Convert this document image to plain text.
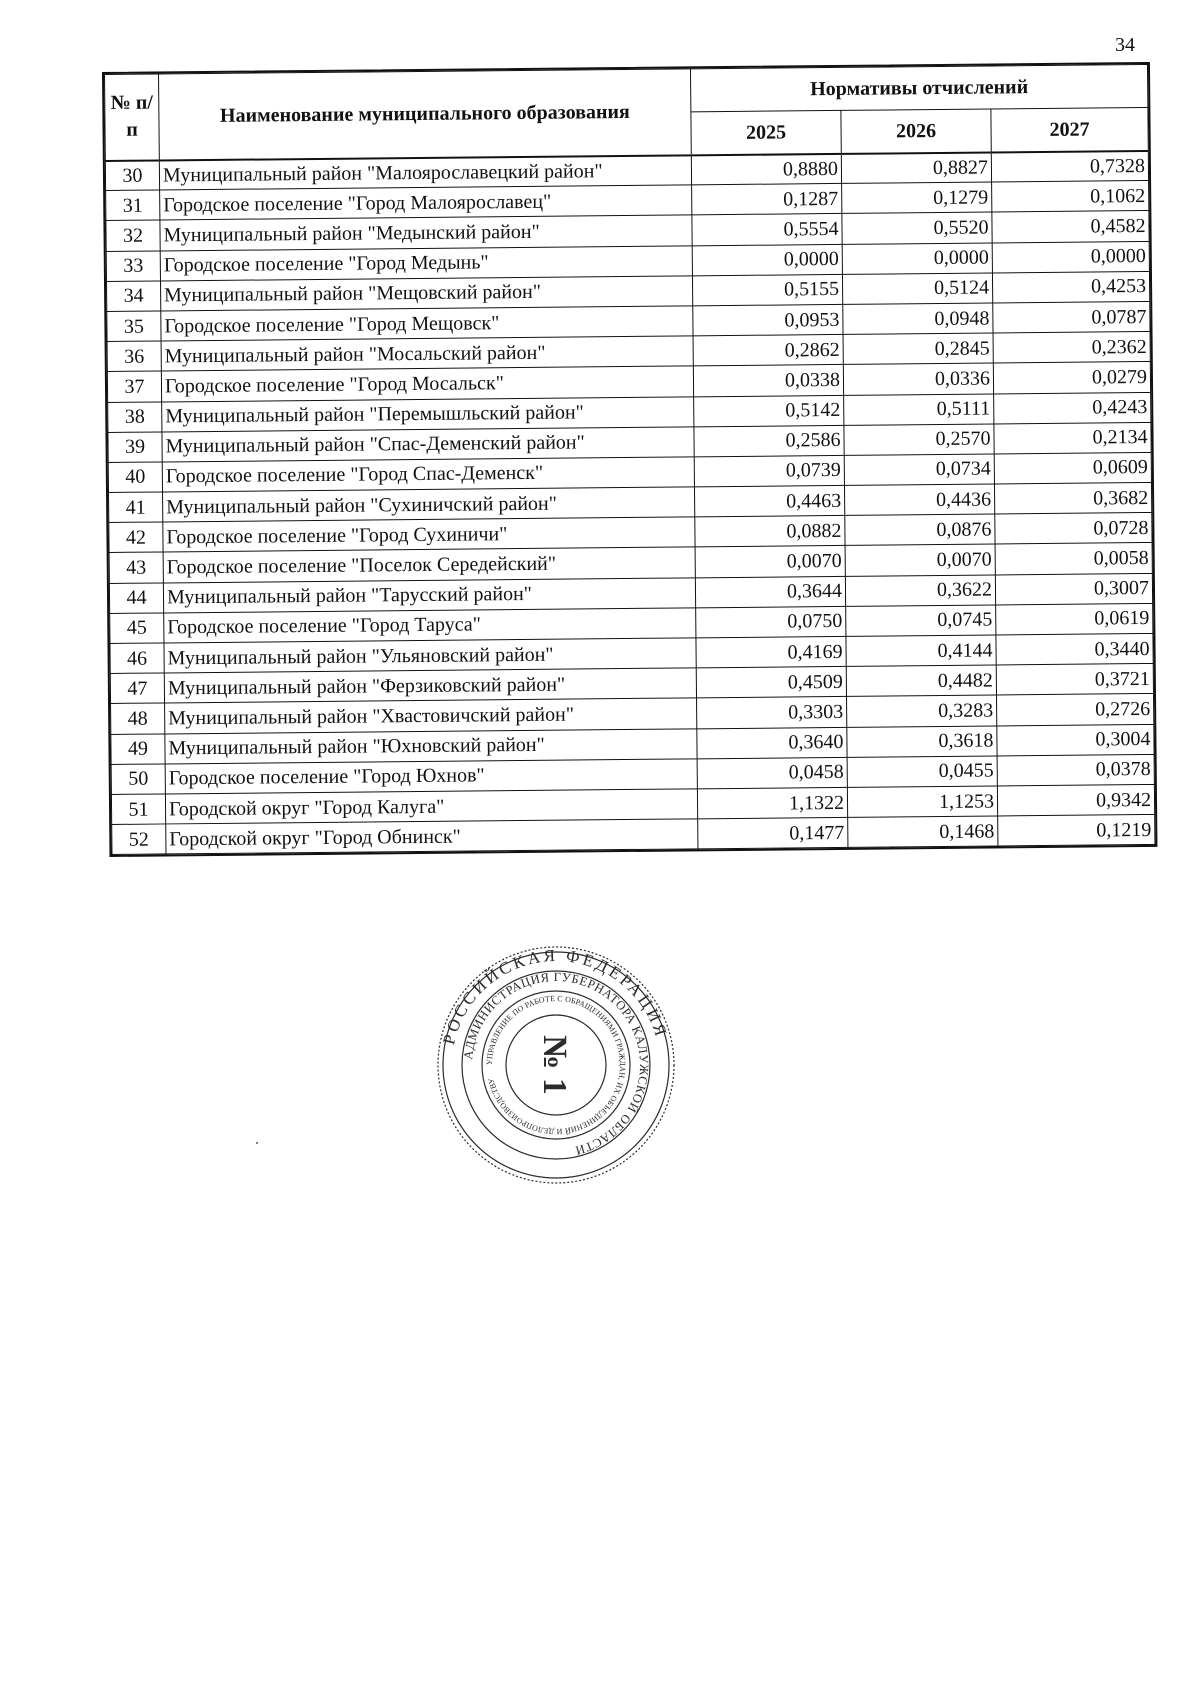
34
№ п/п	Наименование муниципального образования	Нормативы отчислений		
		2025	2026	2027
30	Муниципальный район "Малоярославецкий район"	0,8880	0,8827	0,7328
31	Городское поселение "Город Малоярославец"	0,1287	0,1279	0,1062
32	Муниципальный район "Медынский район"	0,5554	0,5520	0,4582
33	Городское поселение "Город Медынь"	0,0000	0,0000	0,0000
34	Муниципальный район "Мещовский район"	0,5155	0,5124	0,4253
35	Городское поселение "Город Мещовск"	0,0953	0,0948	0,0787
36	Муниципальный район "Мосальский район"	0,2862	0,2845	0,2362
37	Городское поселение "Город Мосальск"	0,0338	0,0336	0,0279
38	Муниципальный район "Перемышльский район"	0,5142	0,5111	0,4243
39	Муниципальный район "Спас-Деменский район"	0,2586	0,2570	0,2134
40	Городское поселение "Город Спас-Деменск"	0,0739	0,0734	0,0609
41	Муниципальный район "Сухиничский район"	0,4463	0,4436	0,3682
42	Городское поселение "Город Сухиничи"	0,0882	0,0876	0,0728
43	Городское поселение "Поселок Середейский"	0,0070	0,0070	0,0058
44	Муниципальный район "Тарусский район"	0,3644	0,3622	0,3007
45	Городское поселение "Город Таруса"	0,0750	0,0745	0,0619
46	Муниципальный район "Ульяновский район"	0,4169	0,4144	0,3440
47	Муниципальный район "Ферзиковский район"	0,4509	0,4482	0,3721
48	Муниципальный район "Хвастовичский район"	0,3303	0,3283	0,2726
49	Муниципальный район "Юхновский район"	0,3640	0,3618	0,3004
50	Городское поселение "Город Юхнов"	0,0458	0,0455	0,0378
51	Городской округ "Город Калуга"	1,1322	1,1253	0,9342
52	Городской округ "Город Обнинск"	0,1477	0,1468	0,1219
РОССИЙСКАЯ ФЕДЕРАЦИЯ
АДМИНИСТРАЦИЯ ГУБЕРНАТОРА КАЛУЖСКОЙ ОБЛАСТИ
УПРАВЛЕНИЕ ПО РАБОТЕ С ОБРАЩЕНИЯМИ ГРАЖДАН, ИХ ОБЪЕДИНЕНИЙ И ДЕЛОПРОИЗВОДСТВУ	№ 1
